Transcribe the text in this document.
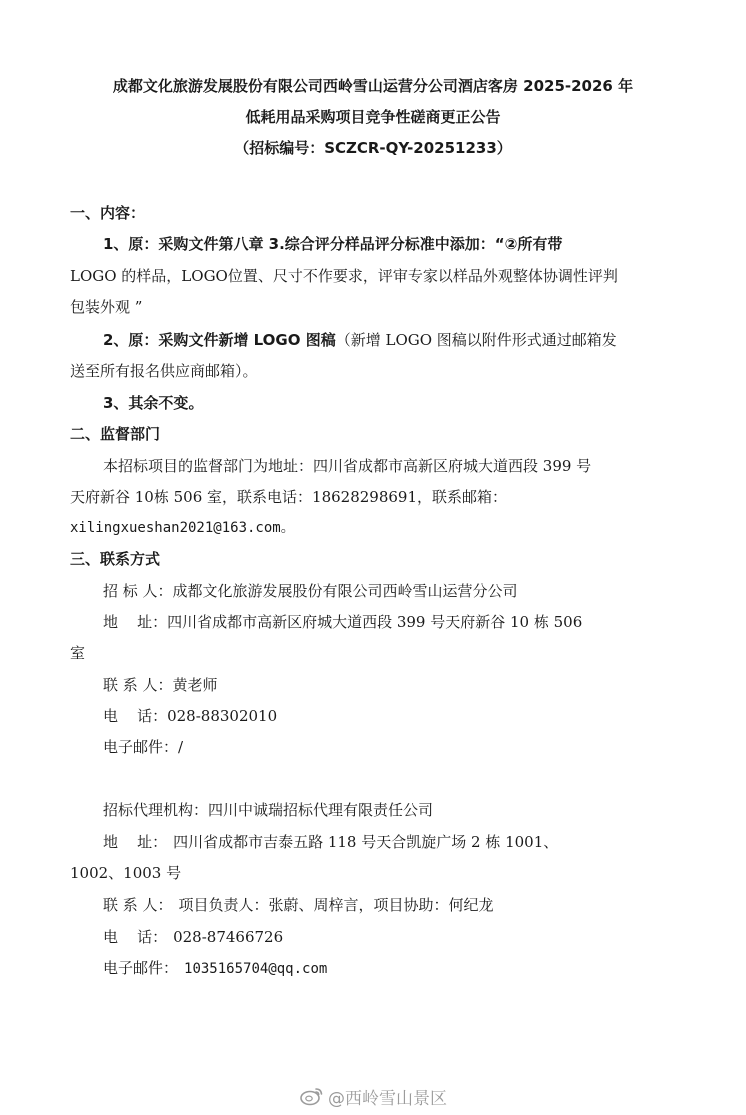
成都文化旅游发展股份有限公司西岭雪山运营分公司酒店客房 2025-2026 年
低耗用品采购项目竞争性磋商更正公告
（招标编号：SCZCR-QY-20251233）
一、内容：
1、原：采购文件第八章 3.综合评分样品评分标准中添加：“②所有带
LOGO 的样品，LOGO位置、尺寸不作要求，评审专家以样品外观整体协调性评判
包装外观 ”
2、原：采购文件新增 LOGO 图稿（新增 LOGO 图稿以附件形式通过邮箱发
送至所有报名供应商邮箱）。
3、其余不变。
二、监督部门
本招标项目的监督部门为地址：四川省成都市高新区府城大道西段 399 号
天府新谷 10栋 506 室，联系电话：18628298691，联系邮箱：
xilingxueshan2021@163.com。
三、联系方式
招 标 人：成都文化旅游发展股份有限公司西岭雪山运营分公司
地    址：四川省成都市高新区府城大道西段 399 号天府新谷 10 栋 506
室
联 系 人：黄老师
电    话：028-88302010
电子邮件：/
招标代理机构：四川中诚瑞招标代理有限责任公司
地    址： 四川省成都市吉泰五路 118 号天合凯旋广场 2 栋 1001、
1002、1003 号
联 系 人： 项目负责人：张蔚、周梓言，项目协助：何纪龙
电    话： 028-87466726
电子邮件： 1035165704@qq.com
@西岭雪山景区
